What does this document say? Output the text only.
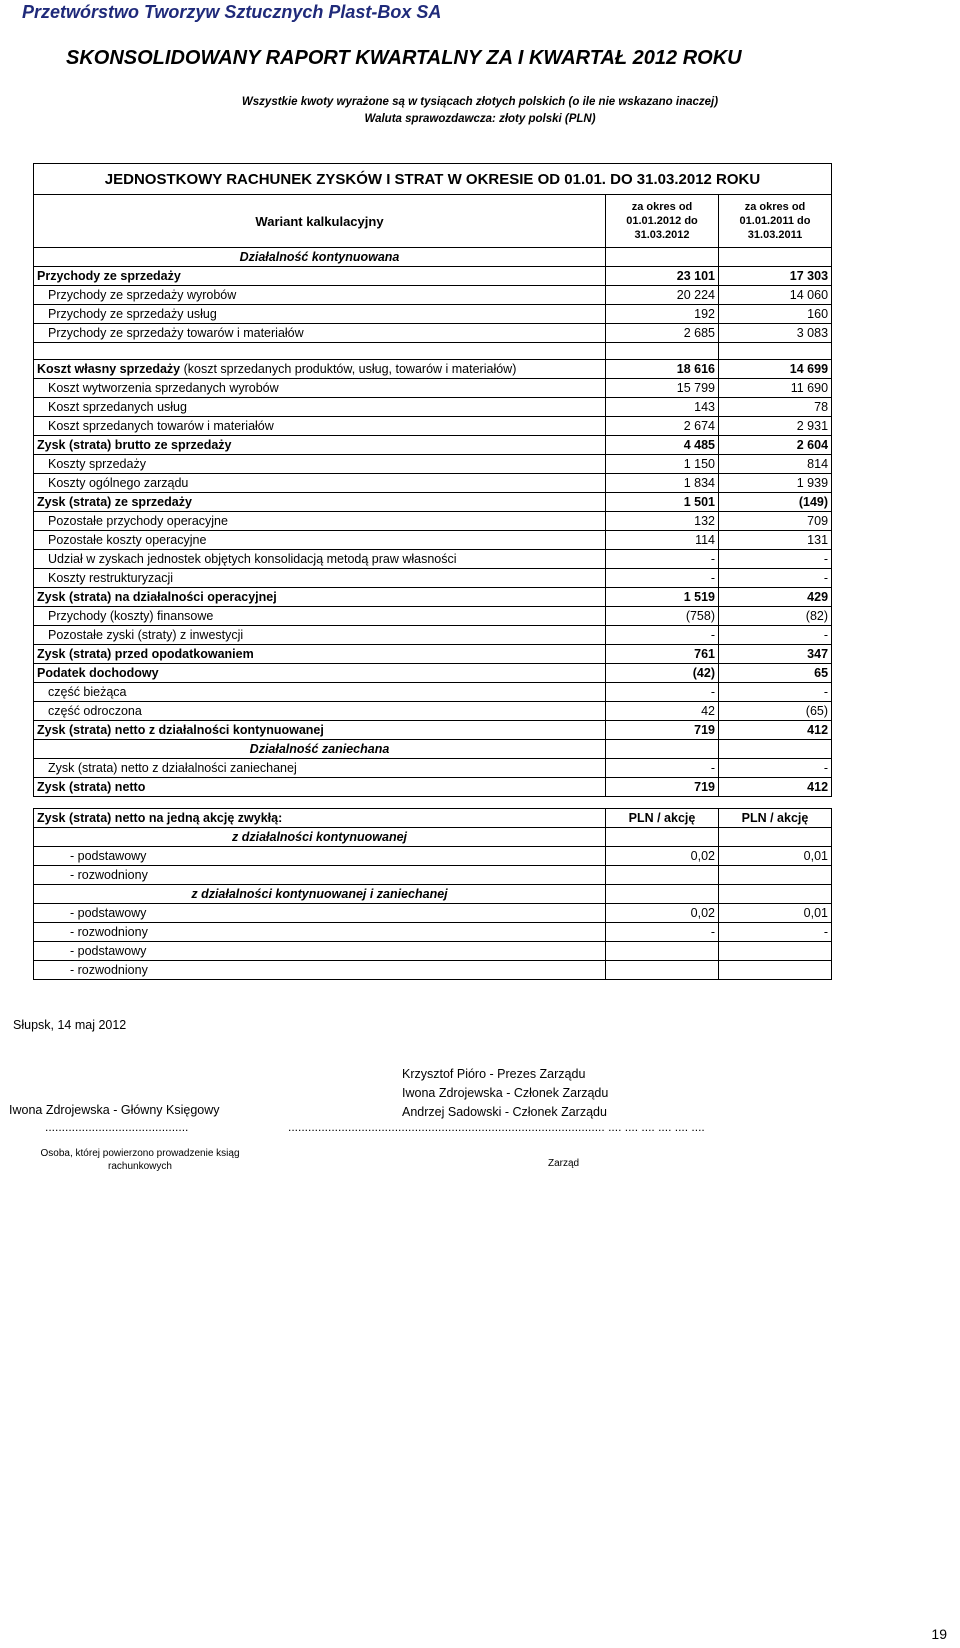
Przetwórstwo Tworzyw Sztucznych Plast-Box SA
SKONSOLIDOWANY RAPORT KWARTALNY ZA I KWARTAŁ 2012 ROKU
Wszystkie kwoty wyrażone są w tysiącach złotych polskich (o ile nie wskazano inaczej)
Waluta sprawozdawcza: złoty polski (PLN)
JEDNOSTKOWY RACHUNEK ZYSKÓW I STRAT W OKRESIE OD 01.01. DO 31.03.2012 ROKU		
Wariant kalkulacyjny	za okres od 01.01.2012 do 31.03.2012	za okres od 01.01.2011 do 31.03.2011
Działalność kontynuowana		
Przychody ze sprzedaży	23 101	17 303
Przychody ze sprzedaży wyrobów	20 224	14 060
Przychody ze sprzedaży usług	192	160
Przychody ze sprzedaży towarów i materiałów	2 685	3 083

Koszt własny sprzedaży (koszt sprzedanych produktów, usług, towarów i materiałów)	18 616	14 699
Koszt wytworzenia sprzedanych wyrobów	15 799	11 690
Koszt sprzedanych usług	143	78
Koszt sprzedanych towarów i materiałów	2 674	2 931
Zysk (strata) brutto ze sprzedaży	4 485	2 604
Koszty sprzedaży	1 150	814
Koszty ogólnego zarządu	1 834	1 939
Zysk (strata) ze sprzedaży	1 501	(149)
Pozostałe przychody operacyjne	132	709
Pozostałe koszty operacyjne	114	131
Udział w zyskach jednostek objętych konsolidacją metodą praw własności	-	-
Koszty restrukturyzacji	-	-
Zysk (strata) na działalności operacyjnej	1 519	429
Przychody (koszty) finansowe	(758)	(82)
Pozostałe zyski (straty) z inwestycji	-	-
Zysk (strata) przed opodatkowaniem	761	347
Podatek dochodowy	(42)	65
część bieżąca	-	-
część odroczona	42	(65)
Zysk (strata) netto z działalności kontynuowanej	719	412
Działalność zaniechana		
Zysk (strata) netto z działalności zaniechanej	-	-
Zysk (strata) netto	719	412
Zysk (strata) netto na jedną akcję zwykłą:	PLN / akcję	PLN / akcję
z działalności kontynuowanej		
- podstawowy	0,02	0,01
- rozwodniony		
z działalności kontynuowanej i zaniechanej		
- podstawowy	0,02	0,01
- rozwodniony	-	-
- podstawowy		
- rozwodniony		
Słupsk, 14 maj 2012
Krzysztof Pióro - Prezes Zarządu
Iwona Zdrojewska - Członek Zarządu
Andrzej Sadowski - Członek Zarządu
Iwona Zdrojewska - Główny Księgowy
...........................................	............................................................................................... .... .... .... .... .... ....
Osoba, której powierzono prowadzenie ksiąg rachunkowych	Zarząd
19
